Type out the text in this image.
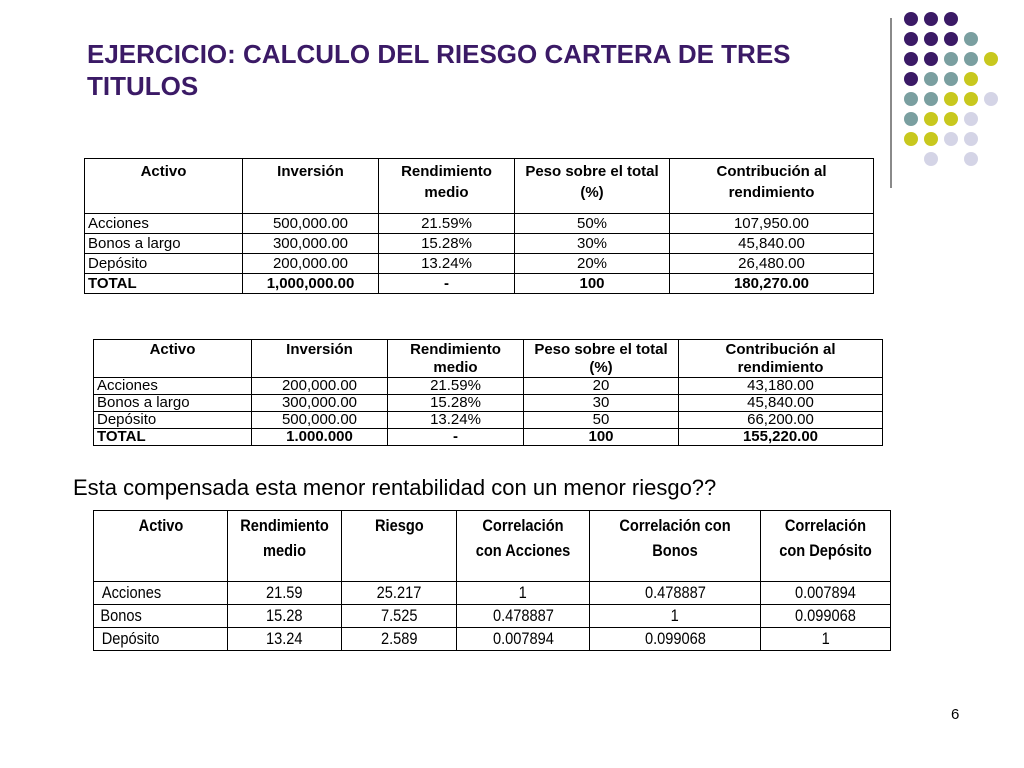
EJERCICIO: CALCULO DEL RIESGO CARTERA DE TRES TITULOS
Activo	Inversión	Rendimiento medio	Peso sobre el total (%)	Contribución al rendimiento
Acciones	500,000.00	21.59%	50%	107,950.00
Bonos a largo	300,000.00	15.28%	30%	45,840.00
Depósito	200,000.00	13.24%	20%	26,480.00
TOTAL	1,000,000.00	-	100	180,270.00
Activo	Inversión	Rendimiento medio	Peso sobre el total (%)	Contribución al rendimiento
Acciones	200,000.00	21.59%	20	43,180.00
Bonos a largo	300,000.00	15.28%	30	45,840.00
Depósito	500,000.00	13.24%	50	66,200.00
TOTAL	1.000.000	-	100	155,220.00

Esta compensada esta menor rentabilidad con un menor riesgo??

Activo	Rendimiento medio	Riesgo	Correlación con Acciones	Correlación con Bonos	Correlación con Depósito
Acciones	21.59	25.217	1	0.478887	0.007894
Bonos	15.28	7.525	0.478887	1	0.099068
Depósito	13.24	2.589	0.007894	0.099068	1
6
